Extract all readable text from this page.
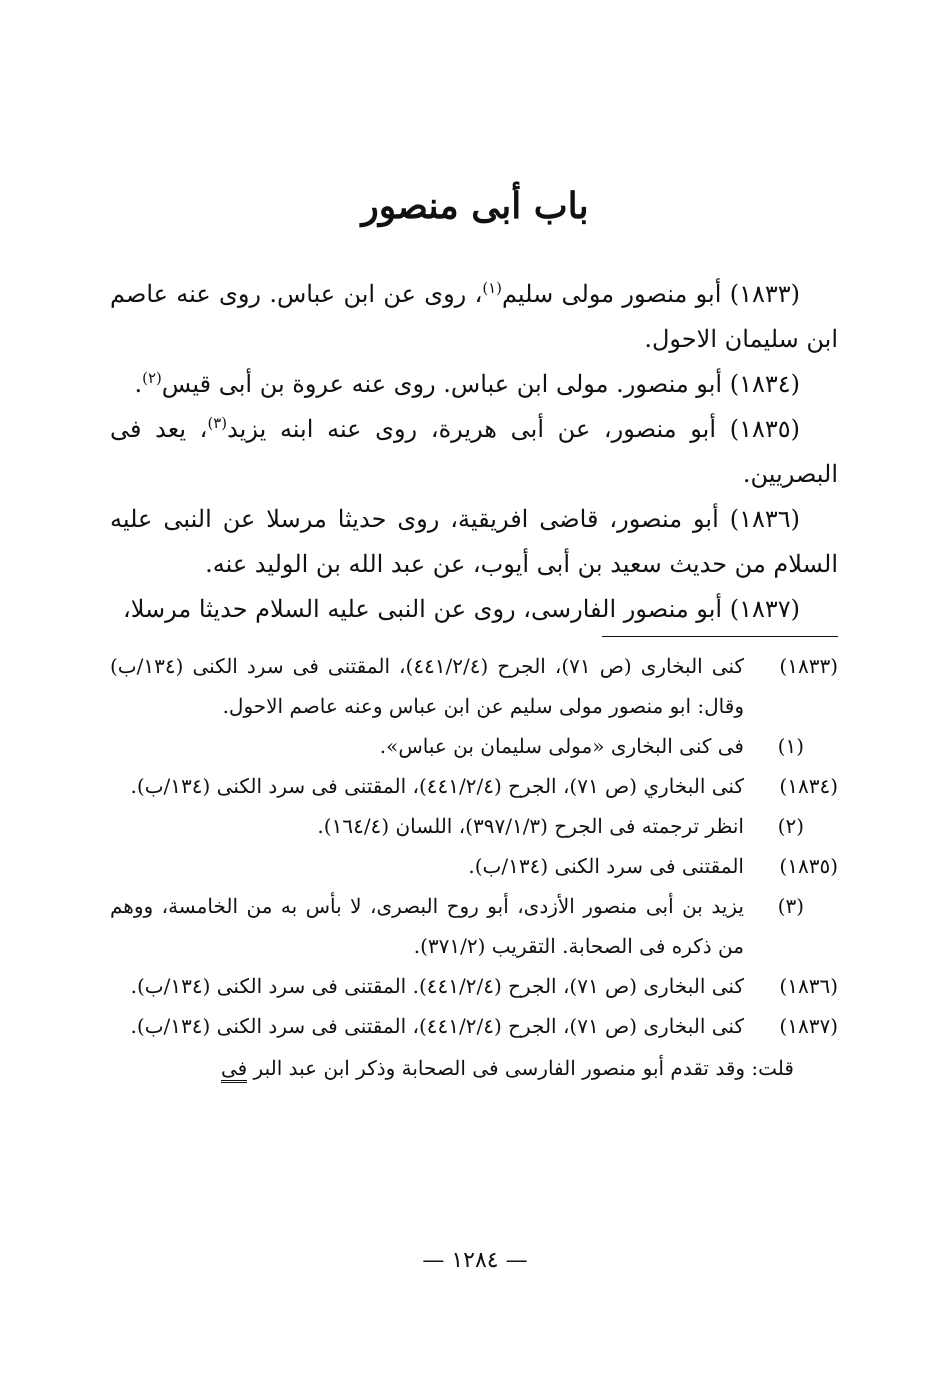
باب أبى منصور

(١٨٣٣) أبو منصور مولى سليم$^{(١)}$، روى عن ابن عباس. روى عنه عاصم ابن سليمان الاحول.

(١٨٣٤) أبو منصور. مولى ابن عباس. روى عنه عروة بن أبى قيس$^{(٢)}$.

(١٨٣٥) أبو منصور، عن أبى هريرة، روى عنه ابنه يزيد$^{(٣)}$، يعد فى البصريين.

(١٨٣٦) أبو منصور، قاضى افريقية، روى حديثا مرسلا عن النبى عليه السلام من حديث سعيد بن أبى أيوب، عن عبد الله بن الوليد عنه.

(١٨٣٧) أبو منصور الفارسى، روى عن النبى عليه السلام حديثا مرسلا،

(١٨٣٣)
كنى البخارى (ص ٧١)، الجرح (٤٤١/٢/٤)، المقتنى فى سرد الكنى (١٣٤/ب) وقال: ابو منصور مولى سليم عن ابن عباس وعنه عاصم الاحول.
(١)
فى كنى البخارى «مولى سليمان بن عباس».
(١٨٣٤)
كنى البخاري (ص ٧١)، الجرح (٤٤١/٢/٤)، المقتنى فى سرد الكنى (١٣٤/ب).
(٢)
انظر ترجمته فى الجرح (٣٩٧/١/٣)، اللسان (١٦٤/٤).
(١٨٣٥)
المقتنى فى سرد الكنى (١٣٤/ب).
(٣)
يزيد بن أبى منصور الأزدى، أبو روح البصرى، لا بأس به من الخامسة، ووهم من ذكره فى الصحابة. التقريب (٣٧١/٢).
(١٨٣٦)
كنى البخارى (ص ٧١)، الجرح (٤٤١/٢/٤). المقتنى فى سرد الكنى (١٣٤/ب).
(١٨٣٧)
كنى البخارى (ص ٧١)، الجرح (٤٤١/٢/٤)، المقتنى فى سرد الكنى (١٣٤/ب).
قلت: وقد تقدم أبو منصور الفارسى فى الصحابة وذكر ابن عبد البر فى
— ١٢٨٤ —
